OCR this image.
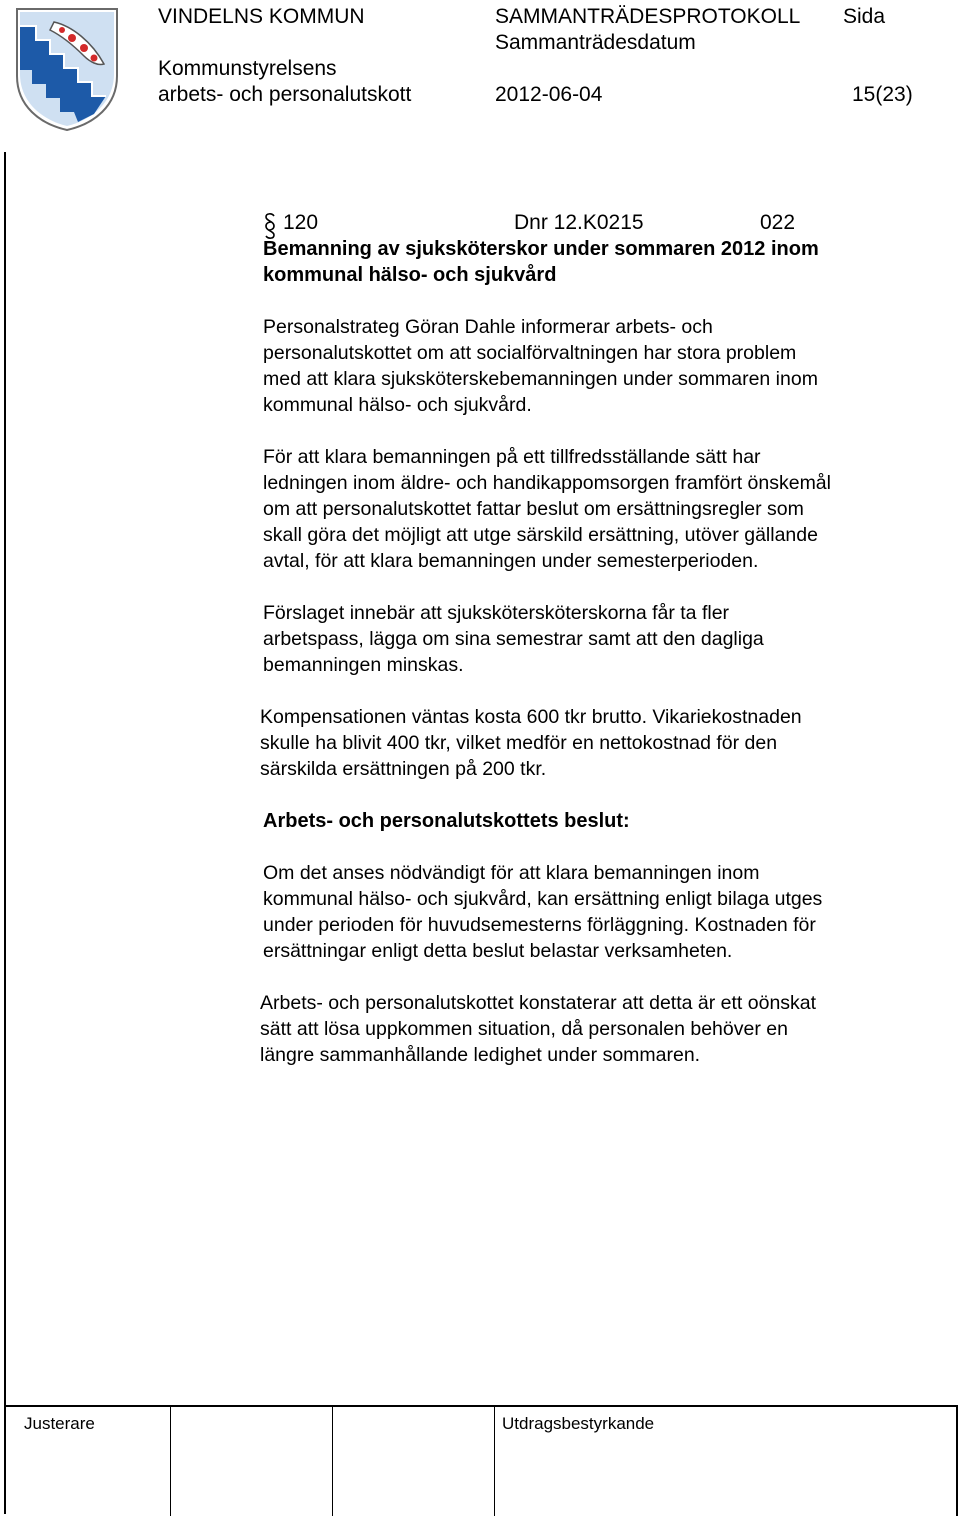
VINDELNS KOMMUN	SAMMANTRÄDESPROTOKOLL Sida
Sammanträdesdatum
Kommunstyrelsens
arbets- och personalutskott	2012-06-04	15(23)
120	Dnr 12.K0215	022
Bemanning av sjuksköterskor under sommaren 2012 inom
kommunal hälso- och sjukvård
Personalstrateg Göran Dahle informerar arbets- och
personalutskottet om att socialförvaltningen har stora problem
med att klara sjuksköterskebemanningen under sommaren inom
kommunal hälso- och sjukvård.
För att klara bemanningen på ett tillfredsställande sätt har
ledningen inom äldre- och handikappomsorgen framfört önskemål
om att personalutskottet fattar beslut om ersättningsregler som
skall göra det möjligt att utge särskild ersättning, utöver gällande
avtal, för att klara bemanningen under semesterperioden.
Förslaget innebär att sjukskötersköterskorna får ta fler
arbetspass, lägga om sina semestrar samt att den dagliga
bemanningen minskas.
Kompensationen väntas kosta 600 tkr brutto. Vikariekostnaden
skulle ha blivit 400 tkr, vilket medför en nettokostnad för den
särskilda ersättningen på 200 tkr.
Arbets- och personalutskottets beslut:
Om det anses nödvändigt för att klara bemanningen inom
kommunal hälso- och sjukvård, kan ersättning enligt bilaga utges
under perioden för huvudsemesterns förläggning. Kostnaden för
ersättningar enligt detta beslut belastar verksamheten.
Arbets- och personalutskottet konstaterar att detta är ett oönskat
sätt att lösa uppkommen situation, då personalen behöver en
längre sammanhållande ledighet under sommaren.
Justerare	Utdragsbestyrkande
